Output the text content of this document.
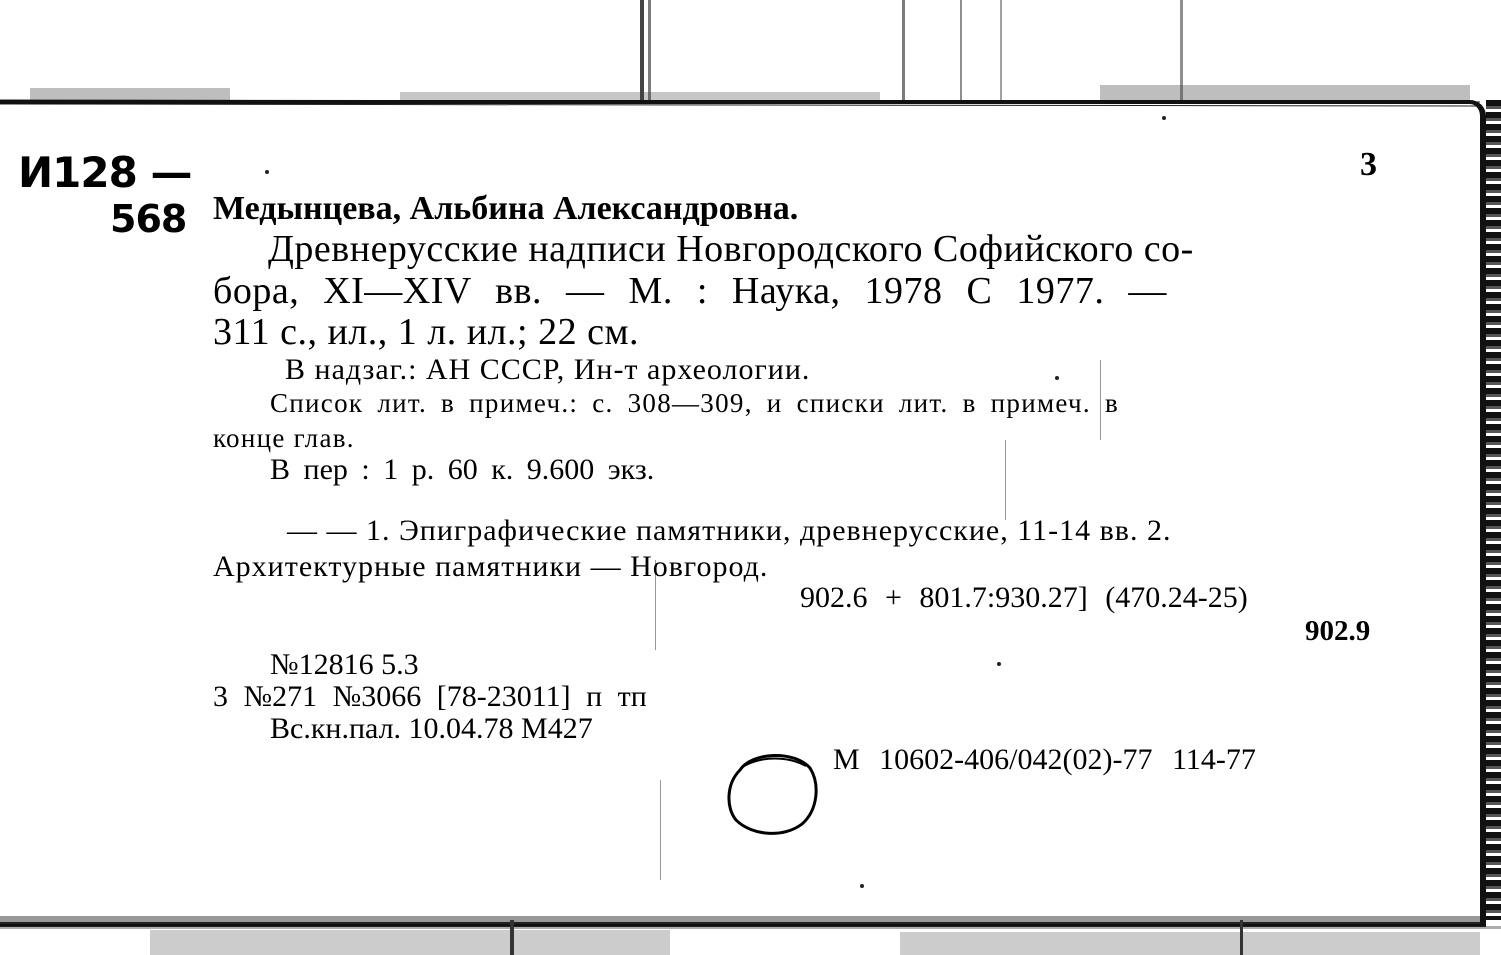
И128 —
568
3
Медынцева, Альбина Александровна.
Древнерусские надписи Новгородского Софийского со-
бора, XI—XIV вв. — М. : Наука, 1978 С 1977. —
311 с., ил., 1 л. ил.; 22 см.
В надзаг.: АН СССР, Ин-т археологии.
Список лит. в примеч.: с. 308—309, и списки лит. в примеч. в
конце глав.
В пер : 1 р. 60 к. 9.600 экз.
— — 1. Эпиграфические памятники, древнерусские, 11-14 вв. 2.
Архитектурные памятники — Новгород.
902.6 + 801.7:930.27] (470.24-25)
902.9
№12816 5.3
3 №271 №3066 [78-23011] п тп
Вс.кн.пал. 10.04.78 М427
М 10602-406/042(02)-77 114-77
